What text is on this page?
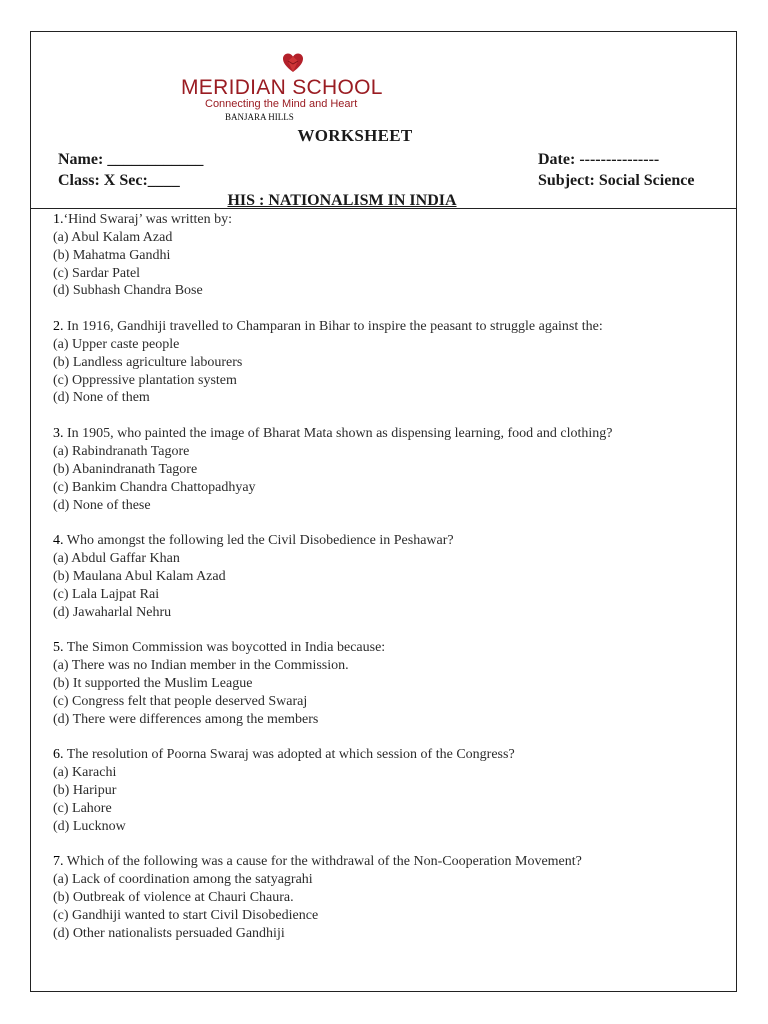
MERIDIAN SCHOOL
Connecting the Mind and Heart
BANJARA HILLS
WORKSHEET
Name: ____________
Class: X Sec:____
Date: ---------------
Subject: Social Science
HIS : NATIONALISM IN INDIA
1.‘Hind Swaraj’ was written by:
(a) Abul Kalam Azad
(b) Mahatma Gandhi
(c) Sardar Patel
(d) Subhash Chandra Bose
2. In 1916, Gandhiji travelled to Champaran in Bihar to inspire the peasant to struggle against the:
(a) Upper caste people
(b) Landless agriculture labourers
(c) Oppressive plantation system
(d) None of them
3. In 1905, who painted the image of Bharat Mata shown as dispensing learning, food and clothing?
(a) Rabindranath Tagore
(b) Abanindranath Tagore
(c) Bankim Chandra Chattopadhyay
(d) None of these
4. Who amongst the following led the Civil Disobedience in Peshawar?
(a) Abdul Gaffar Khan
(b) Maulana Abul Kalam Azad
(c) Lala Lajpat Rai
(d) Jawaharlal Nehru
5. The Simon Commission was boycotted in India because:
(a) There was no Indian member in the Commission.
(b) It supported the Muslim League
(c) Congress felt that people deserved Swaraj
(d) There were differences among the members
6. The resolution of Poorna Swaraj was adopted at which session of the Congress?
(a) Karachi
(b) Haripur
(c) Lahore
(d) Lucknow
7. Which of the following was a cause for the withdrawal of the Non-Cooperation Movement?
(a) Lack of coordination among the satyagrahi
(b) Outbreak of violence at Chauri Chaura.
(c) Gandhiji wanted to start Civil Disobedience
(d) Other nationalists persuaded Gandhiji
